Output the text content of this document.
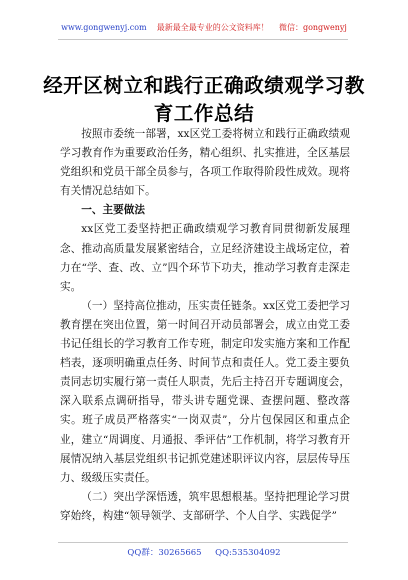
www.gongwenyj.com 最新最全最专业的公文资料库！ 微信：gongwenyj
经开区树立和践行正确政绩观学习教育工作总结

按照市委统一部署，xx区党工委将树立和践行正确政绩观学习教育作为重要政治任务，精心组织、扎实推进，全区基层党组织和党员干部全员参与，各项工作取得阶段性成效。现将有关情况总结如下。

一、主要做法

xx区党工委坚持把正确政绩观学习教育同贯彻新发展理念、推动高质量发展紧密结合，立足经济建设主战场定位，着力在“学、查、改、立”四个环节下功夫，推动学习教育走深走实。

（一）坚持高位推动，压实责任链条。xx区党工委把学习教育摆在突出位置，第一时间召开动员部署会，成立由党工委书记任组长的学习教育工作专班，制定印发实施方案和工作配档表，逐项明确重点任务、时间节点和责任人。党工委主要负责同志切实履行第一责任人职责，先后主持召开专题调度会，深入联系点调研指导，带头讲专题党课、查摆问题、整改落实。班子成员严格落实“一岗双责”，分片包保园区和重点企业，建立“周调度、月通报、季评估”工作机制，将学习教育开展情况纳入基层党组织书记抓党建述职评议内容，层层传导压力、级级压实责任。

（二）突出学深悟透，筑牢思想根基。坚持把理论学习贯穿始终，构建“领导领学、支部研学、个人自学、实践促学”

QQ群：30265665 QQ:535304092
